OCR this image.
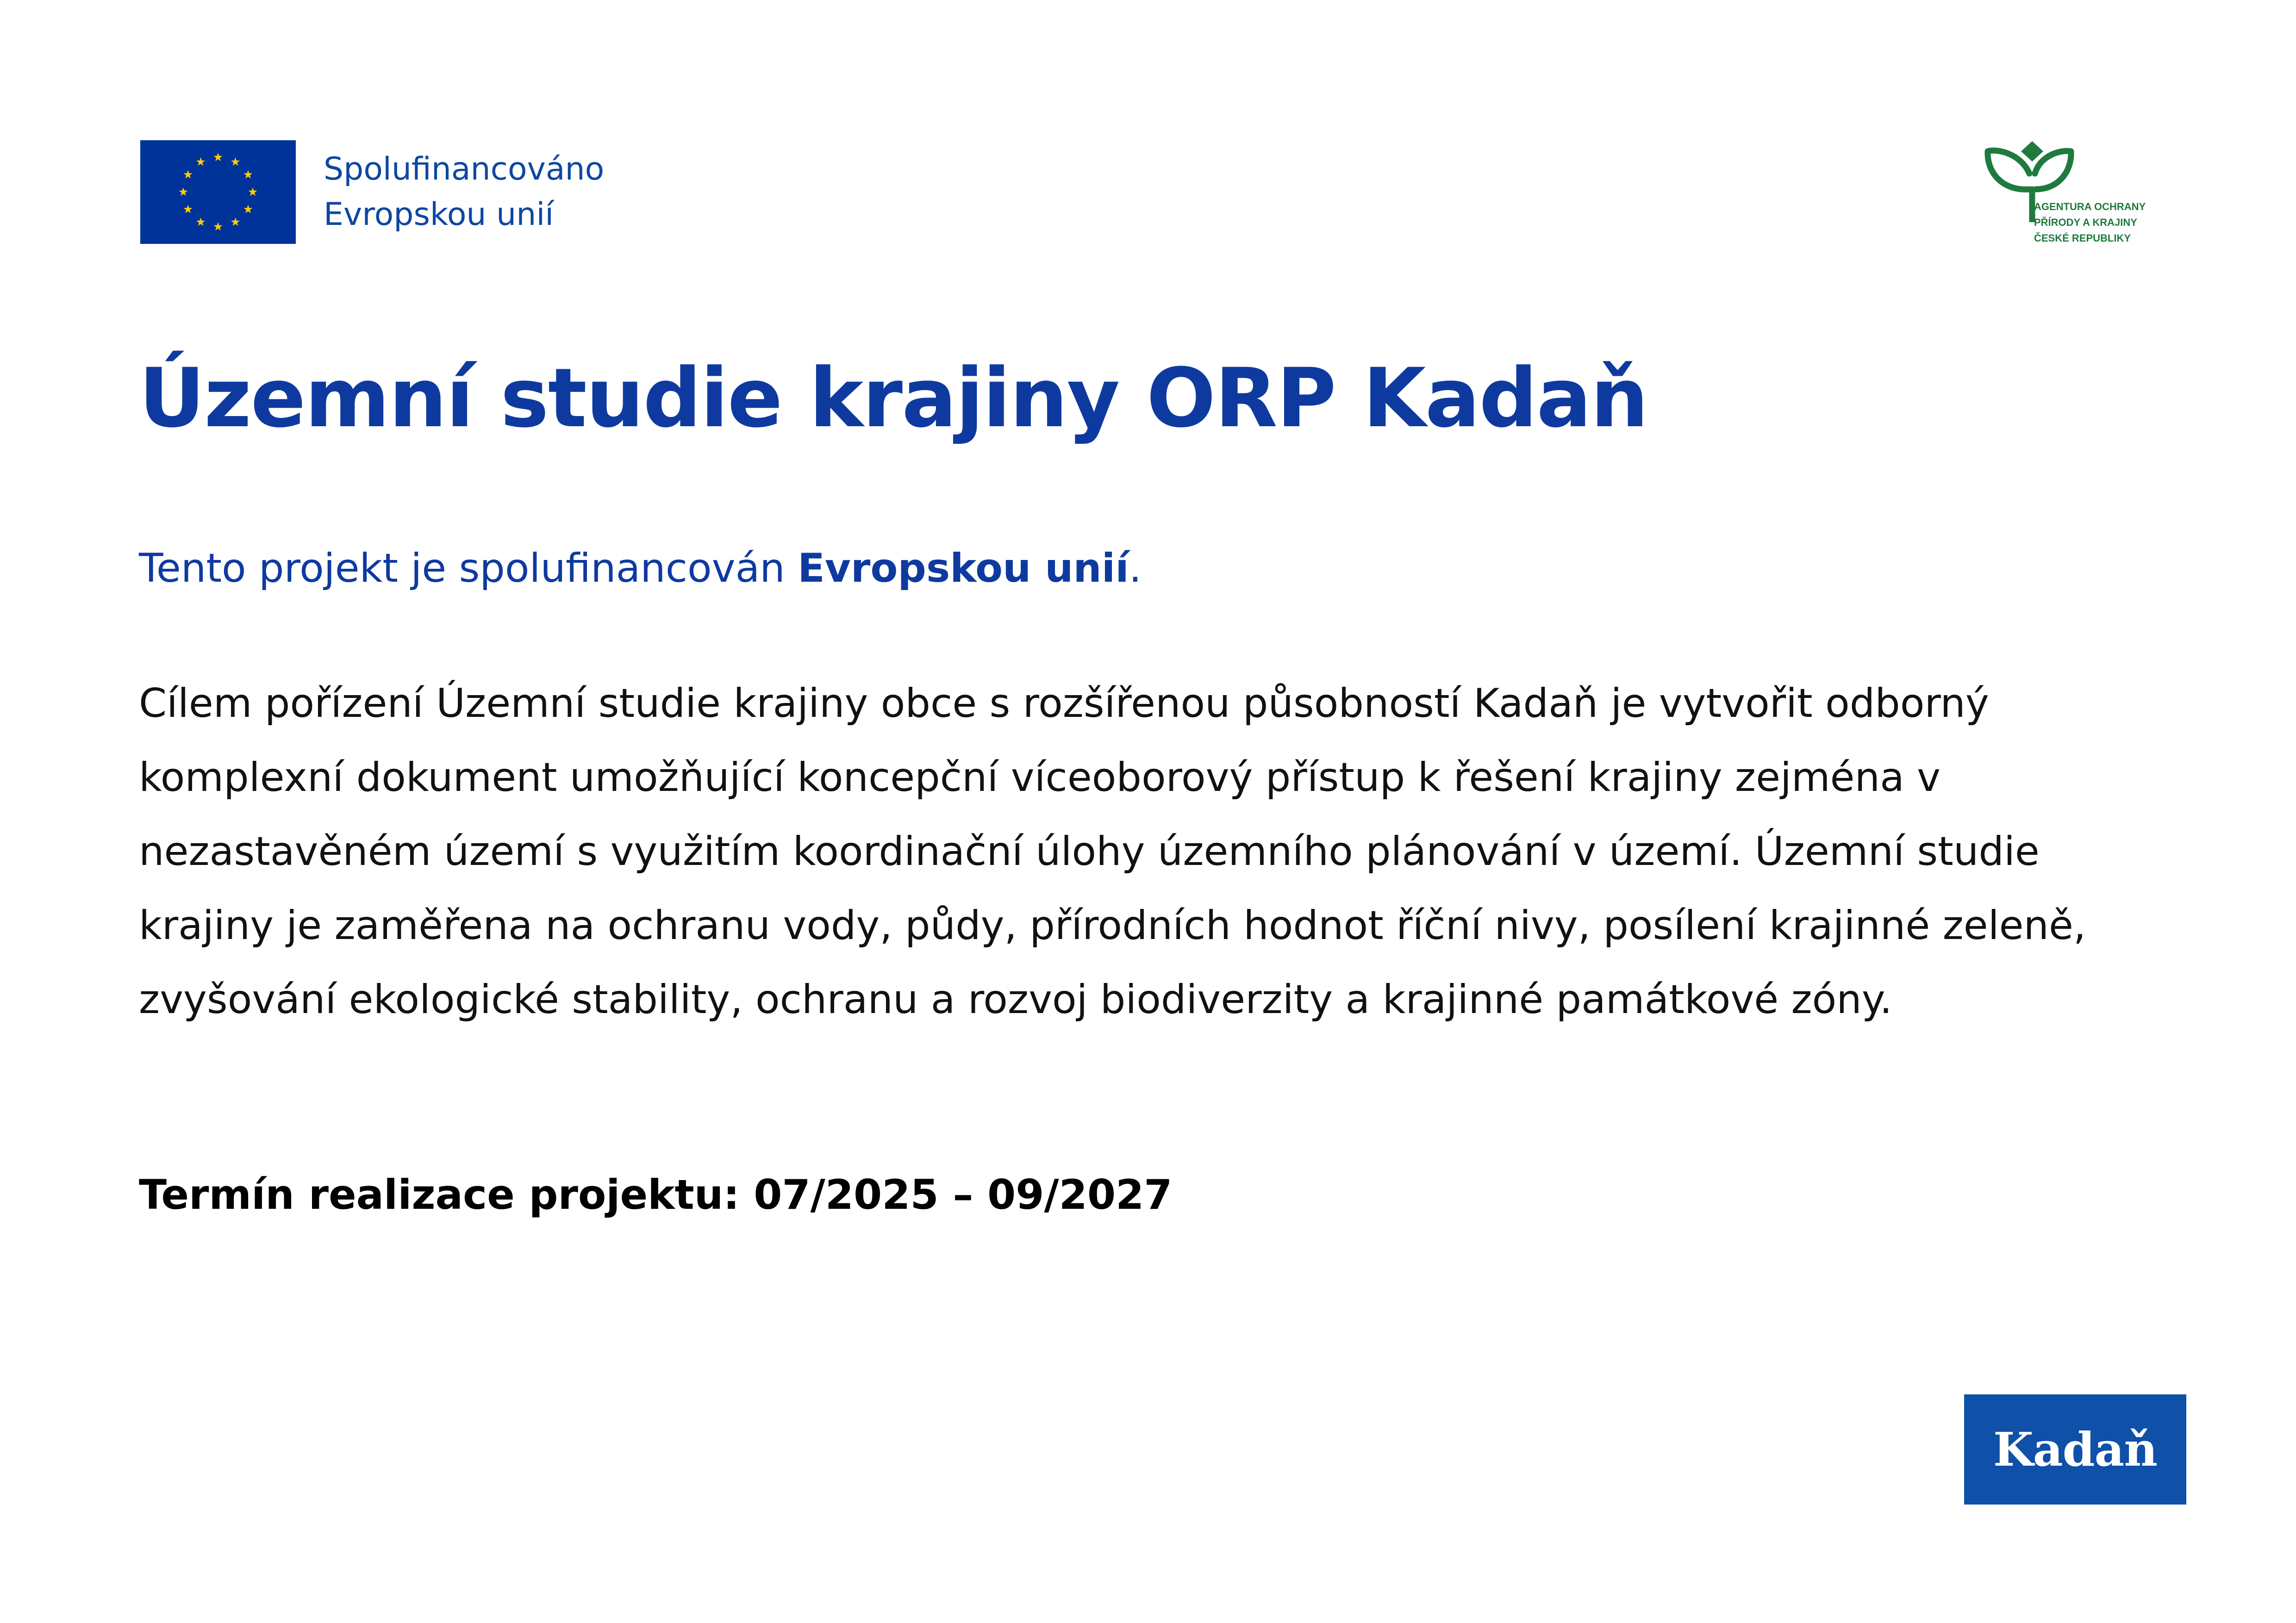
Spolufinancováno
Evropskou unií	AGENTURA OCHRANY
PŘÍRODY A KRAJINY
ČESKÉ REPUBLIKY
Územní studie krajiny ORP Kadaň

Tento projekt je spolufinancován Evropskou unií.

Cílem pořízení Územní studie krajiny obce s rozšířenou působností Kadaň je vytvořit odborný komplexní dokument umožňující koncepční víceoborový přístup k řešení krajiny zejména v nezastavěném území s využitím koordinační úlohy územního plánování v území. Územní studie krajiny je zaměřena na ochranu vody, půdy, přírodních hodnot říční nivy, posílení krajinné zeleně, zvyšování ekologické stability, ochranu a rozvoj biodiverzity a krajinné památkové zóny.

Termín realizace projektu: 07/2025 – 09/2027

Kadaň
